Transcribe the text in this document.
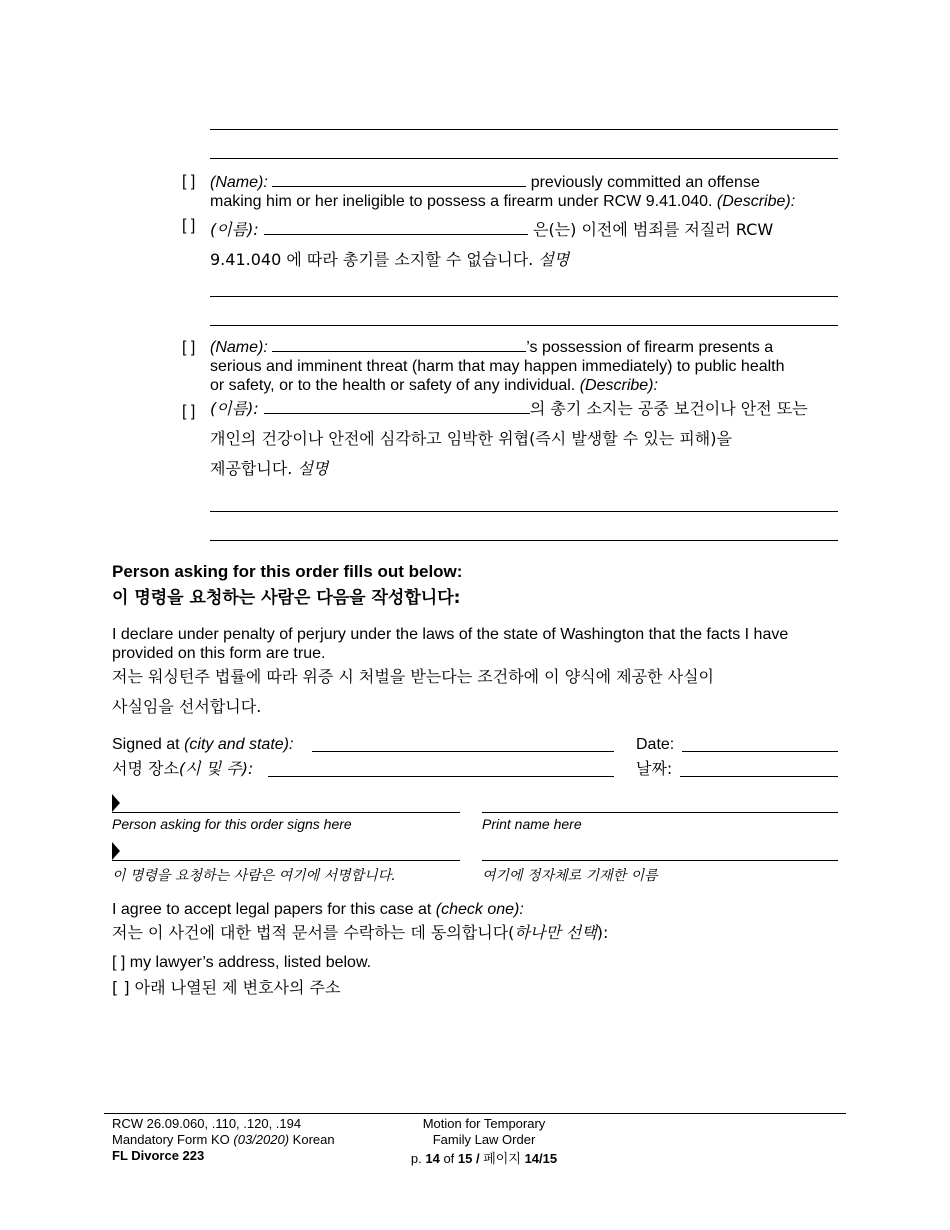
[ ] (Name):	previously committed an offense
making him or her ineligible to possess a firearm under RCW 9.41.040. (Describe):
[ ] (이름):	은(는) 이전에 범죄를 저질러 RCW
9.41.040 에 따라 총기를 소지할 수 없습니다. 설명
[ ] (Name):	’s possession of firearm presents a
serious and imminent threat (harm that may happen immediately) to public health
or safety, or to the health or safety of any individual. (Describe):
[ ] (이름):	의 총기 소지는 공중 보건이나 안전 또는
개인의 건강이나 안전에 심각하고 임박한 위협(즉시 발생할 수 있는 피해)을
제공합니다. 설명
Person asking for this order fills out below:
이 명령을 요청하는 사람은 다음을 작성합니다:
I declare under penalty of perjury under the laws of the state of Washington that the facts I have provided on this form are true.
저는 워싱턴주 법률에 따라 위증 시 처벌을 받는다는 조건하에 이 양식에 제공한 사실이
사실임을 선서합니다.
Signed at (city and state):	Date:
서명 장소(시 및 주):	날짜:
Person asking for this order signs here	Print name here
이 명령을 요청하는 사람은 여기에 서명합니다.	여기에 정자체로 기재한 이름
I agree to accept legal papers for this case at (check one):
저는 이 사건에 대한 법적 문서를 수락하는 데 동의합니다(하나만 선택):
[ ] my lawyer’s address, listed below.
[ ] 아래 나열된 제 변호사의 주소
RCW 26.09.060, .110, .120, .194
Mandatory Form KO (03/2020) Korean
FL Divorce 223
Motion for Temporary
Family Law Order
p. 14 of 15 / 페이지 14/15
